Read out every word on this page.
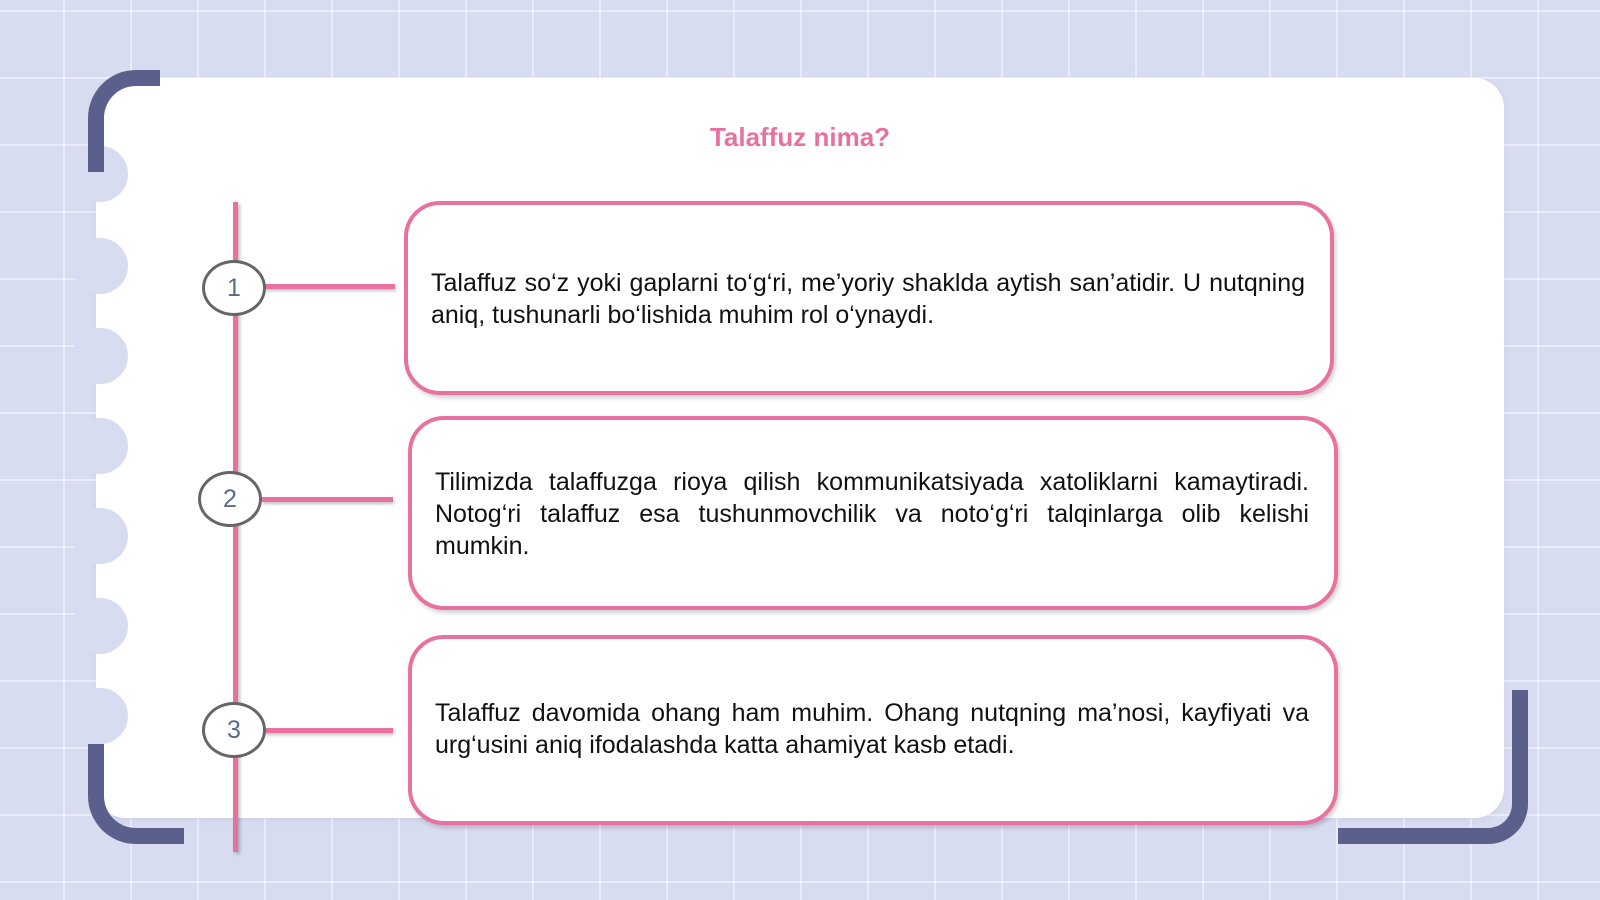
Talaffuz nima?
1	Talaffuz so‘z yoki gaplarni to‘g‘ri, me’yoriy shaklda aytish san’atidir. U nutqning aniq, tushunarli bo‘lishida muhim rol o‘ynaydi.

2

Tilimizda talaffuzga rioya qilish kommunikatsiyada xatoliklarni kamaytiradi. Notog‘ri talaffuz esa tushunmovchilik va noto‘g‘ri talqinlarga olib kelishi mumkin.

3

Talaffuz davomida ohang ham muhim. Ohang nutqning ma’nosi, kayfiyati va urg‘usini aniq ifodalashda katta ahamiyat kasb etadi.
